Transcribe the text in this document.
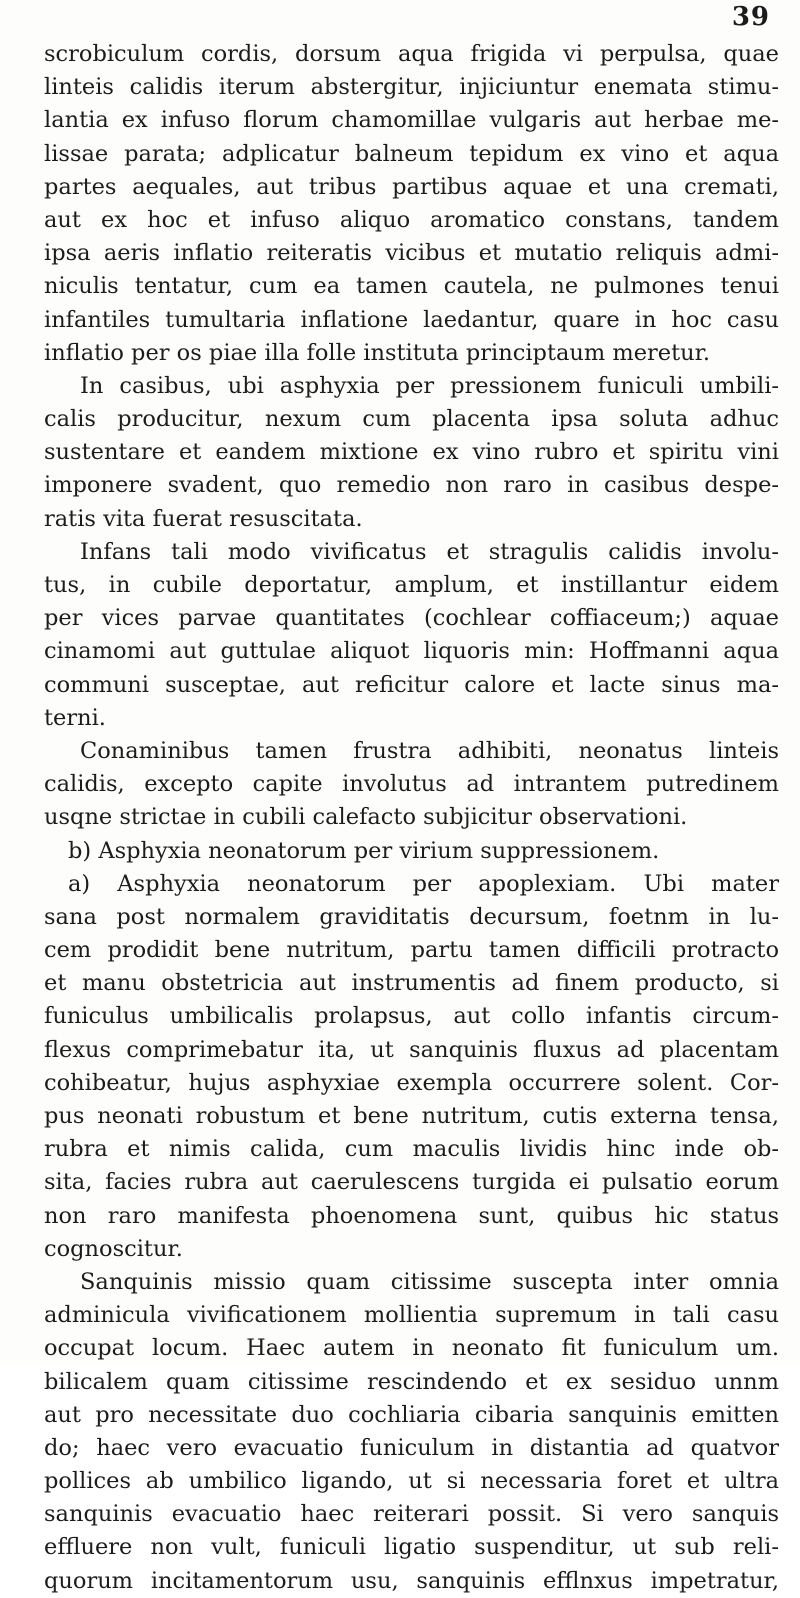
39
scrobiculum cordis, dorsum aqua frigida vi perpulsa, quae
linteis calidis iterum abstergitur, injiciuntur enemata stimu-
lantia ex infuso florum chamomillae vulgaris aut herbae me-
lissae parata; adplicatur balneum tepidum ex vino et aqua
partes aequales, aut tribus partibus aquae et una cremati,
aut ex hoc et infuso aliquo aromatico constans, tandem
ipsa aeris inflatio reiteratis vicibus et mutatio reliquis admi-
niculis tentatur, cum ea tamen cautela, ne pulmones tenui
infantiles tumultaria inflatione laedantur, quare in hoc casu
inflatio per os piae illa folle instituta principtaum meretur.
In casibus, ubi asphyxia per pressionem funiculi umbili-
calis producitur, nexum cum placenta ipsa soluta adhuc
sustentare et eandem mixtione ex vino rubro et spiritu vini
imponere svadent, quo remedio non raro in casibus despe-
ratis vita fuerat resuscitata.
Infans tali modo vivificatus et stragulis calidis involu-
tus, in cubile deportatur, amplum, et instillantur eidem
per vices parvae quantitates (cochlear coffiaceum;) aquae
cinamomi aut guttulae aliquot liquoris min: Hoffmanni aqua
communi susceptae, aut reficitur calore et lacte sinus ma-
terni.
Conaminibus tamen frustra adhibiti, neonatus linteis
calidis, excepto capite involutus ad intrantem putredinem
usqne strictae in cubili calefacto subjicitur observationi.
b) Asphyxia neonatorum per virium suppressionem.
a) Asphyxia neonatorum per apoplexiam. Ubi mater
sana post normalem graviditatis decursum, foetnm in lu-
cem prodidit bene nutritum, partu tamen difficili protracto
et manu obstetricia aut instrumentis ad finem producto, si
funiculus umbilicalis prolapsus, aut collo infantis circum-
flexus comprimebatur ita, ut sanquinis fluxus ad placentam
cohibeatur, hujus asphyxiae exempla occurrere solent. Cor-
pus neonati robustum et bene nutritum, cutis externa tensa,
rubra et nimis calida, cum maculis lividis hinc inde ob-
sita, facies rubra aut caerulescens turgida ei pulsatio eorum
non raro manifesta phoenomena sunt, quibus hic status
cognoscitur.
Sanquinis missio quam citissime suscepta inter omnia
adminicula vivificationem mollientia supremum in tali casu
occupat locum. Haec autem in neonato fit funiculum um.
bilicalem quam citissime rescindendo et ex sesiduo unnm
aut pro necessitate duo cochliaria cibaria sanquinis emitten
do; haec vero evacuatio funiculum in distantia ad quatvor
pollices ab umbilico ligando, ut si necessaria foret et ultra
sanquinis evacuatio haec reiterari possit. Si vero sanquis
effluere non vult, funiculi ligatio suspenditur, ut sub reli-
quorum incitamentorum usu, sanquinis efflnxus impetratur,
